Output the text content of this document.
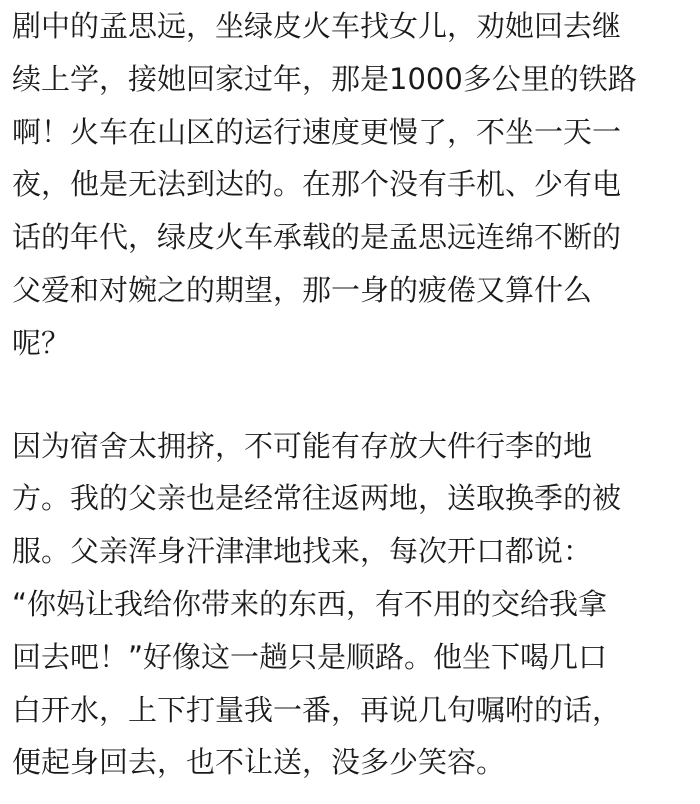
剧中的孟思远，坐绿皮火车找女儿，劝她回去继
续上学，接她回家过年，那是1000多公里的铁路
啊！火车在山区的运行速度更慢了，不坐一天一
夜，他是无法到达的。在那个没有手机、少有电
话的年代，绿皮火车承载的是孟思远连绵不断的
父爱和对婉之的期望，那一身的疲倦又算什么
呢？
因为宿舍太拥挤，不可能有存放大件行李的地
方。我的父亲也是经常往返两地，送取换季的被
服。父亲浑身汗津津地找来，每次开口都说：
“你妈让我给你带来的东西，有不用的交给我拿
回去吧！”好像这一趟只是顺路。他坐下喝几口
白开水，上下打量我一番，再说几句嘱咐的话，
便起身回去，也不让送，没多少笑容。
